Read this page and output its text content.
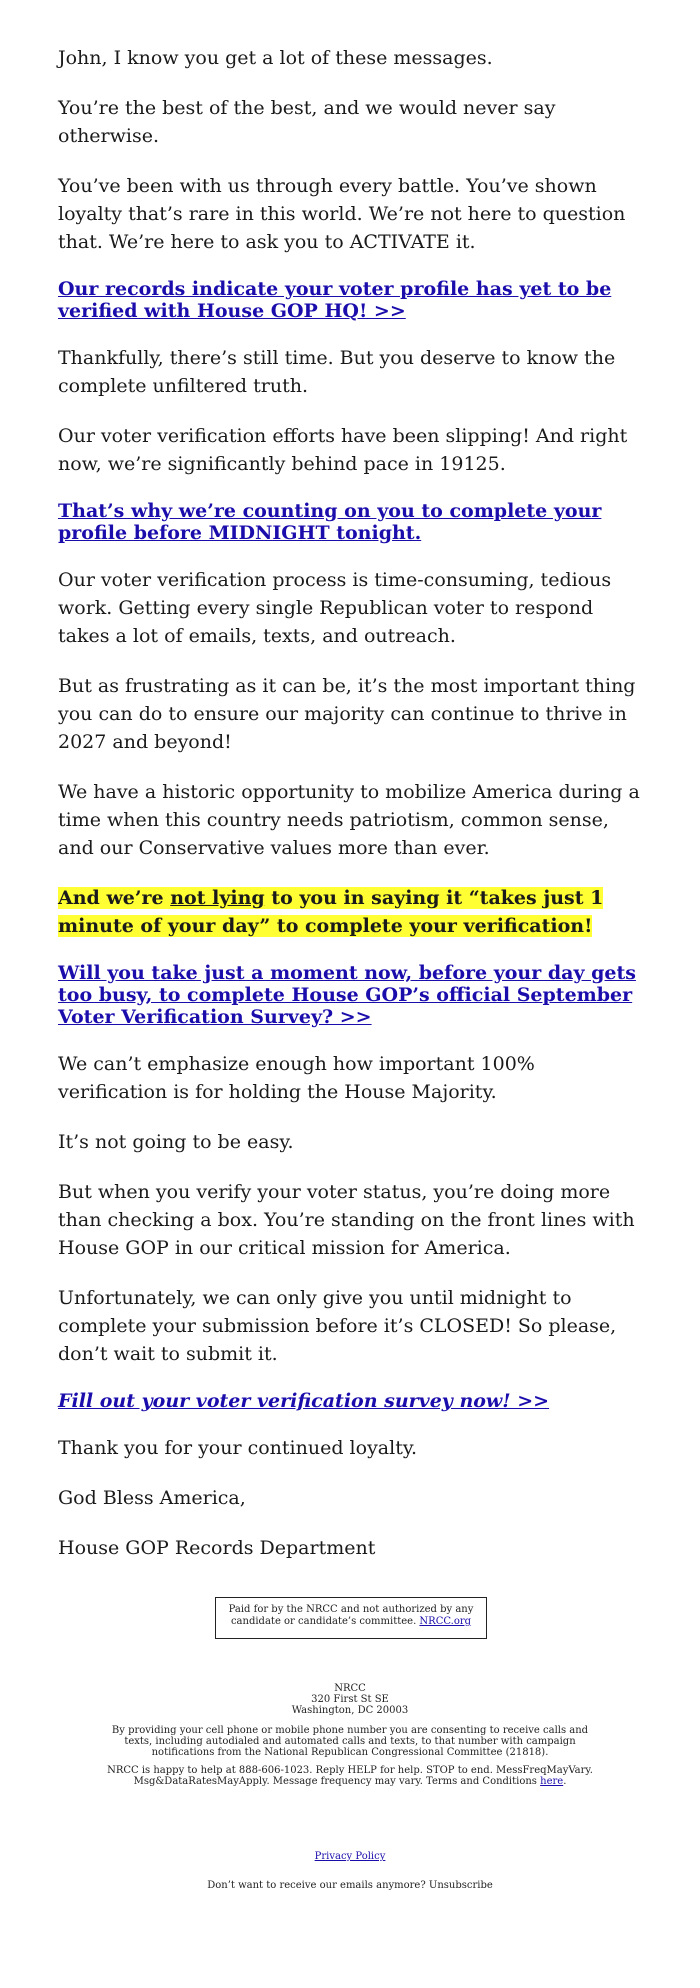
John, I know you get a lot of these messages.

You’re the best of the best, and we would never say otherwise.

You’ve been with us through every battle. You’ve shown loyalty that’s rare in this world. We’re not here to question that. We’re here to ask you to ACTIVATE it.

Our records indicate your voter profile has yet to be verified with House GOP HQ! >>

Thankfully, there’s still time. But you deserve to know the complete unfiltered truth.

Our voter verification efforts have been slipping! And right now, we’re significantly behind pace in 19125.

That’s why we’re counting on you to complete your profile before MIDNIGHT tonight.

Our voter verification process is time-consuming, tedious work. Getting every single Republican voter to respond takes a lot of emails, texts, and outreach.

But as frustrating as it can be, it’s the most important thing you can do to ensure our majority can continue to thrive in 2027 and beyond!

We have a historic opportunity to mobilize America during a time when this country needs patriotism, common sense, and our Conservative values more than ever.

And we’re not lying to you in saying it “takes just 1 minute of your day” to complete your verification!

Will you take just a moment now, before your day gets too busy, to complete House GOP’s official September Voter Verification Survey? >>

We can’t emphasize enough how important 100% verification is for holding the House Majority.

It’s not going to be easy.

But when you verify your voter status, you’re doing more than checking a box. You’re standing on the front lines with House GOP in our critical mission for America.

Unfortunately, we can only give you until midnight to complete your submission before it’s CLOSED! So please, don’t wait to submit it.

Fill out your voter verification survey now! >>

Thank you for your continued loyalty.

God Bless America,

House GOP Records Department

Paid for by the NRCC and not authorized by any candidate or candidate’s committee. NRCC.org
NRCC
320 First St SE
Washington, DC 20003
By providing your cell phone or mobile phone number you are consenting to receive calls and texts, including autodialed and automated calls and texts, to that number with campaign notifications from the National Republican Congressional Committee (21818).
NRCC is happy to help at 888-606-1023. Reply HELP for help. STOP to end. MessFreqMayVary. Msg&DataRatesMayApply. Message frequency may vary. Terms and Conditions here.
Privacy Policy
Don’t want to receive our emails anymore? Unsubscribe
